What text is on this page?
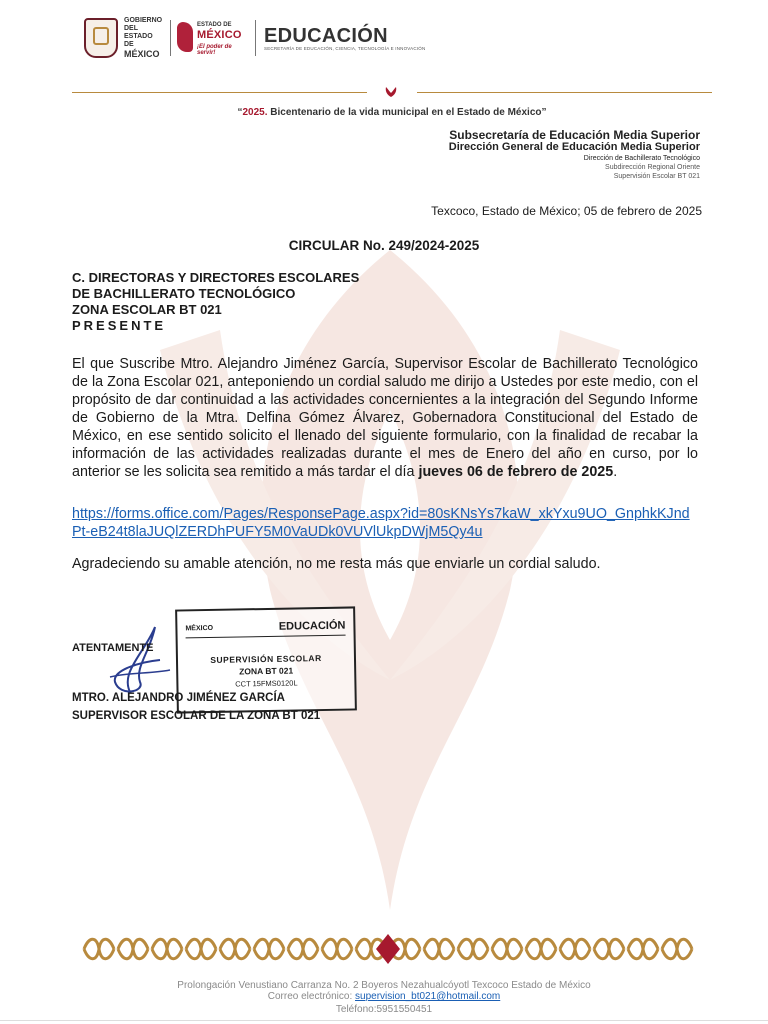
GOBIERNO DEL
ESTADO DE
MÉXICO
ESTADO DE
MÉXICO
¡El poder de servir!
EDUCACIÓN
SECRETARÍA DE EDUCACIÓN, CIENCIA, TECNOLOGÍA E INNOVACIÓN
“2025. Bicentenario de la vida municipal en el Estado de México”
Subsecretaría de Educación Media Superior
Dirección General de Educación Media Superior
Dirección de Bachillerato Tecnológico
Subdirección Regional Oriente
Supervisión Escolar BT 021
Texcoco, Estado de México; 05 de febrero de 2025
CIRCULAR No. 249/2024-2025
C. DIRECTORAS Y DIRECTORES ESCOLARES
DE BACHILLERATO TECNOLÓGICO
ZONA ESCOLAR BT 021
PRESENTE
El que Suscribe Mtro. Alejandro Jiménez García, Supervisor Escolar de Bachillerato Tecnológico de la Zona Escolar 021, anteponiendo un cordial saludo me dirijo a Ustedes por este medio, con el propósito de dar continuidad a las actividades concernientes a la integración del Segundo Informe de Gobierno de la Mtra. Delfina Gómez Álvarez, Gobernadora Constitucional del Estado de México, en ese sentido solicito el llenado del siguiente formulario, con la finalidad de recabar la información de las actividades realizadas durante el mes de Enero del año en curso, por lo anterior se les solicita sea remitido a más tardar el día jueves 06 de febrero de 2025.
https://forms.office.com/Pages/ResponsePage.aspx?id=80sKNsYs7kaW_xkYxu9UO_GnphkKJndPt-eB24t8laJUQlZERDhPUFY5M0VaUDk0VUVlUkpDWjM5Qy4u
Agradeciendo su amable atención, no me resta más que enviarle un cordial saludo.
ATENTAMENTE
MÉXICO	EDUCACIÓN
SUPERVISIÓN ESCOLAR
ZONA BT 021
CCT 15FMS0120L
MTRO. ALEJANDRO JIMÉNEZ GARCÍA
SUPERVISOR ESCOLAR DE LA ZONA BT 021
Prolongación Venustiano Carranza No. 2 Boyeros Nezahualcóyotl Texcoco Estado de México
Correo electrónico: supervision_bt021@hotmail.com
Teléfono:5951550451
